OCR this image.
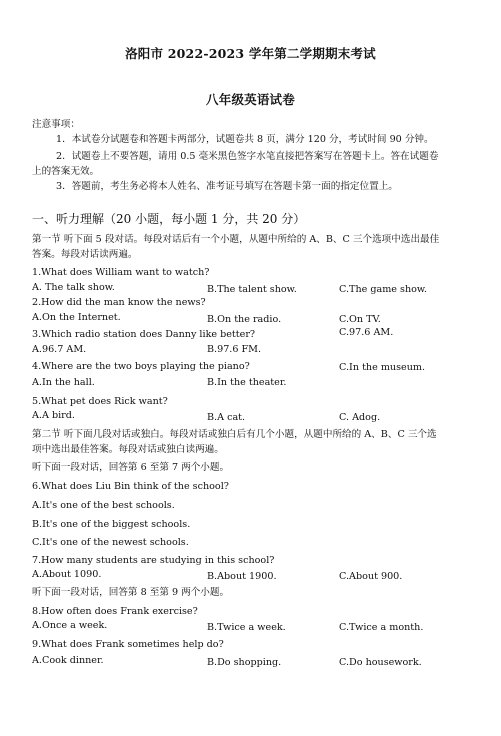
洛阳市 2022-2023 学年第二学期期末考试
八年级英语试卷
注意事项：
1．本试卷分试题卷和答题卡两部分，试题卷共 8 页，满分 120 分，考试时间 90 分钟。
2．试题卷上不要答题，请用 0.5 毫米黑色签字水笔直接把答案写在答题卡上。答在试题卷
上的答案无效。
3．答题前，考生务必将本人姓名、准考证号填写在答题卡第一面的指定位置上。
一、听力理解（20 小题，每小题 1 分，共 20 分）
第一节 听下面 5 段对话。每段对话后有一个小题，从题中所给的 A、B、C 三个选项中选出最佳
答案。每段对话读两遍。
1.What does William want to watch?
A. The talk show.	B.The talent show.	C.The game show.
2.How did the man know the news?
A.On the Internet.	B.On the radio.	C.On TV.
3.Which radio station does Danny like better?
A.96.7 AM.	B.97.6 FM.
C.97.6 AM.
4.Where are the two boys playing the piano?
A.In the hall.	B.In the theater.
C.In the museum.
5.What pet does Rick want?
A.A bird.	B.A cat.	C. Adog.
第二节 听下面几段对话或独白。每段对话或独白后有几个小题，从题中所给的 A、B、C 三个选
项中选出最佳答案。每段对话或独白读两遍。
听下面一段对话，回答第 6 至第 7 两个小题。
6.What does Liu Bin think of the school?
A.It's one of the best schools.
B.It's one of the biggest schools.
C.It's one of the newest schools.
7.How many students are studying in this school?
A.About 1090.	B.About 1900.	C.About 900.
听下面一段对话，回答第 8 至第 9 两个小题。
8.How often does Frank exercise?
A.Once a week.	B.Twice a week.	C.Twice a month.
9.What does Frank sometimes help do?
A.Cook dinner.	B.Do shopping.	C.Do housework.
